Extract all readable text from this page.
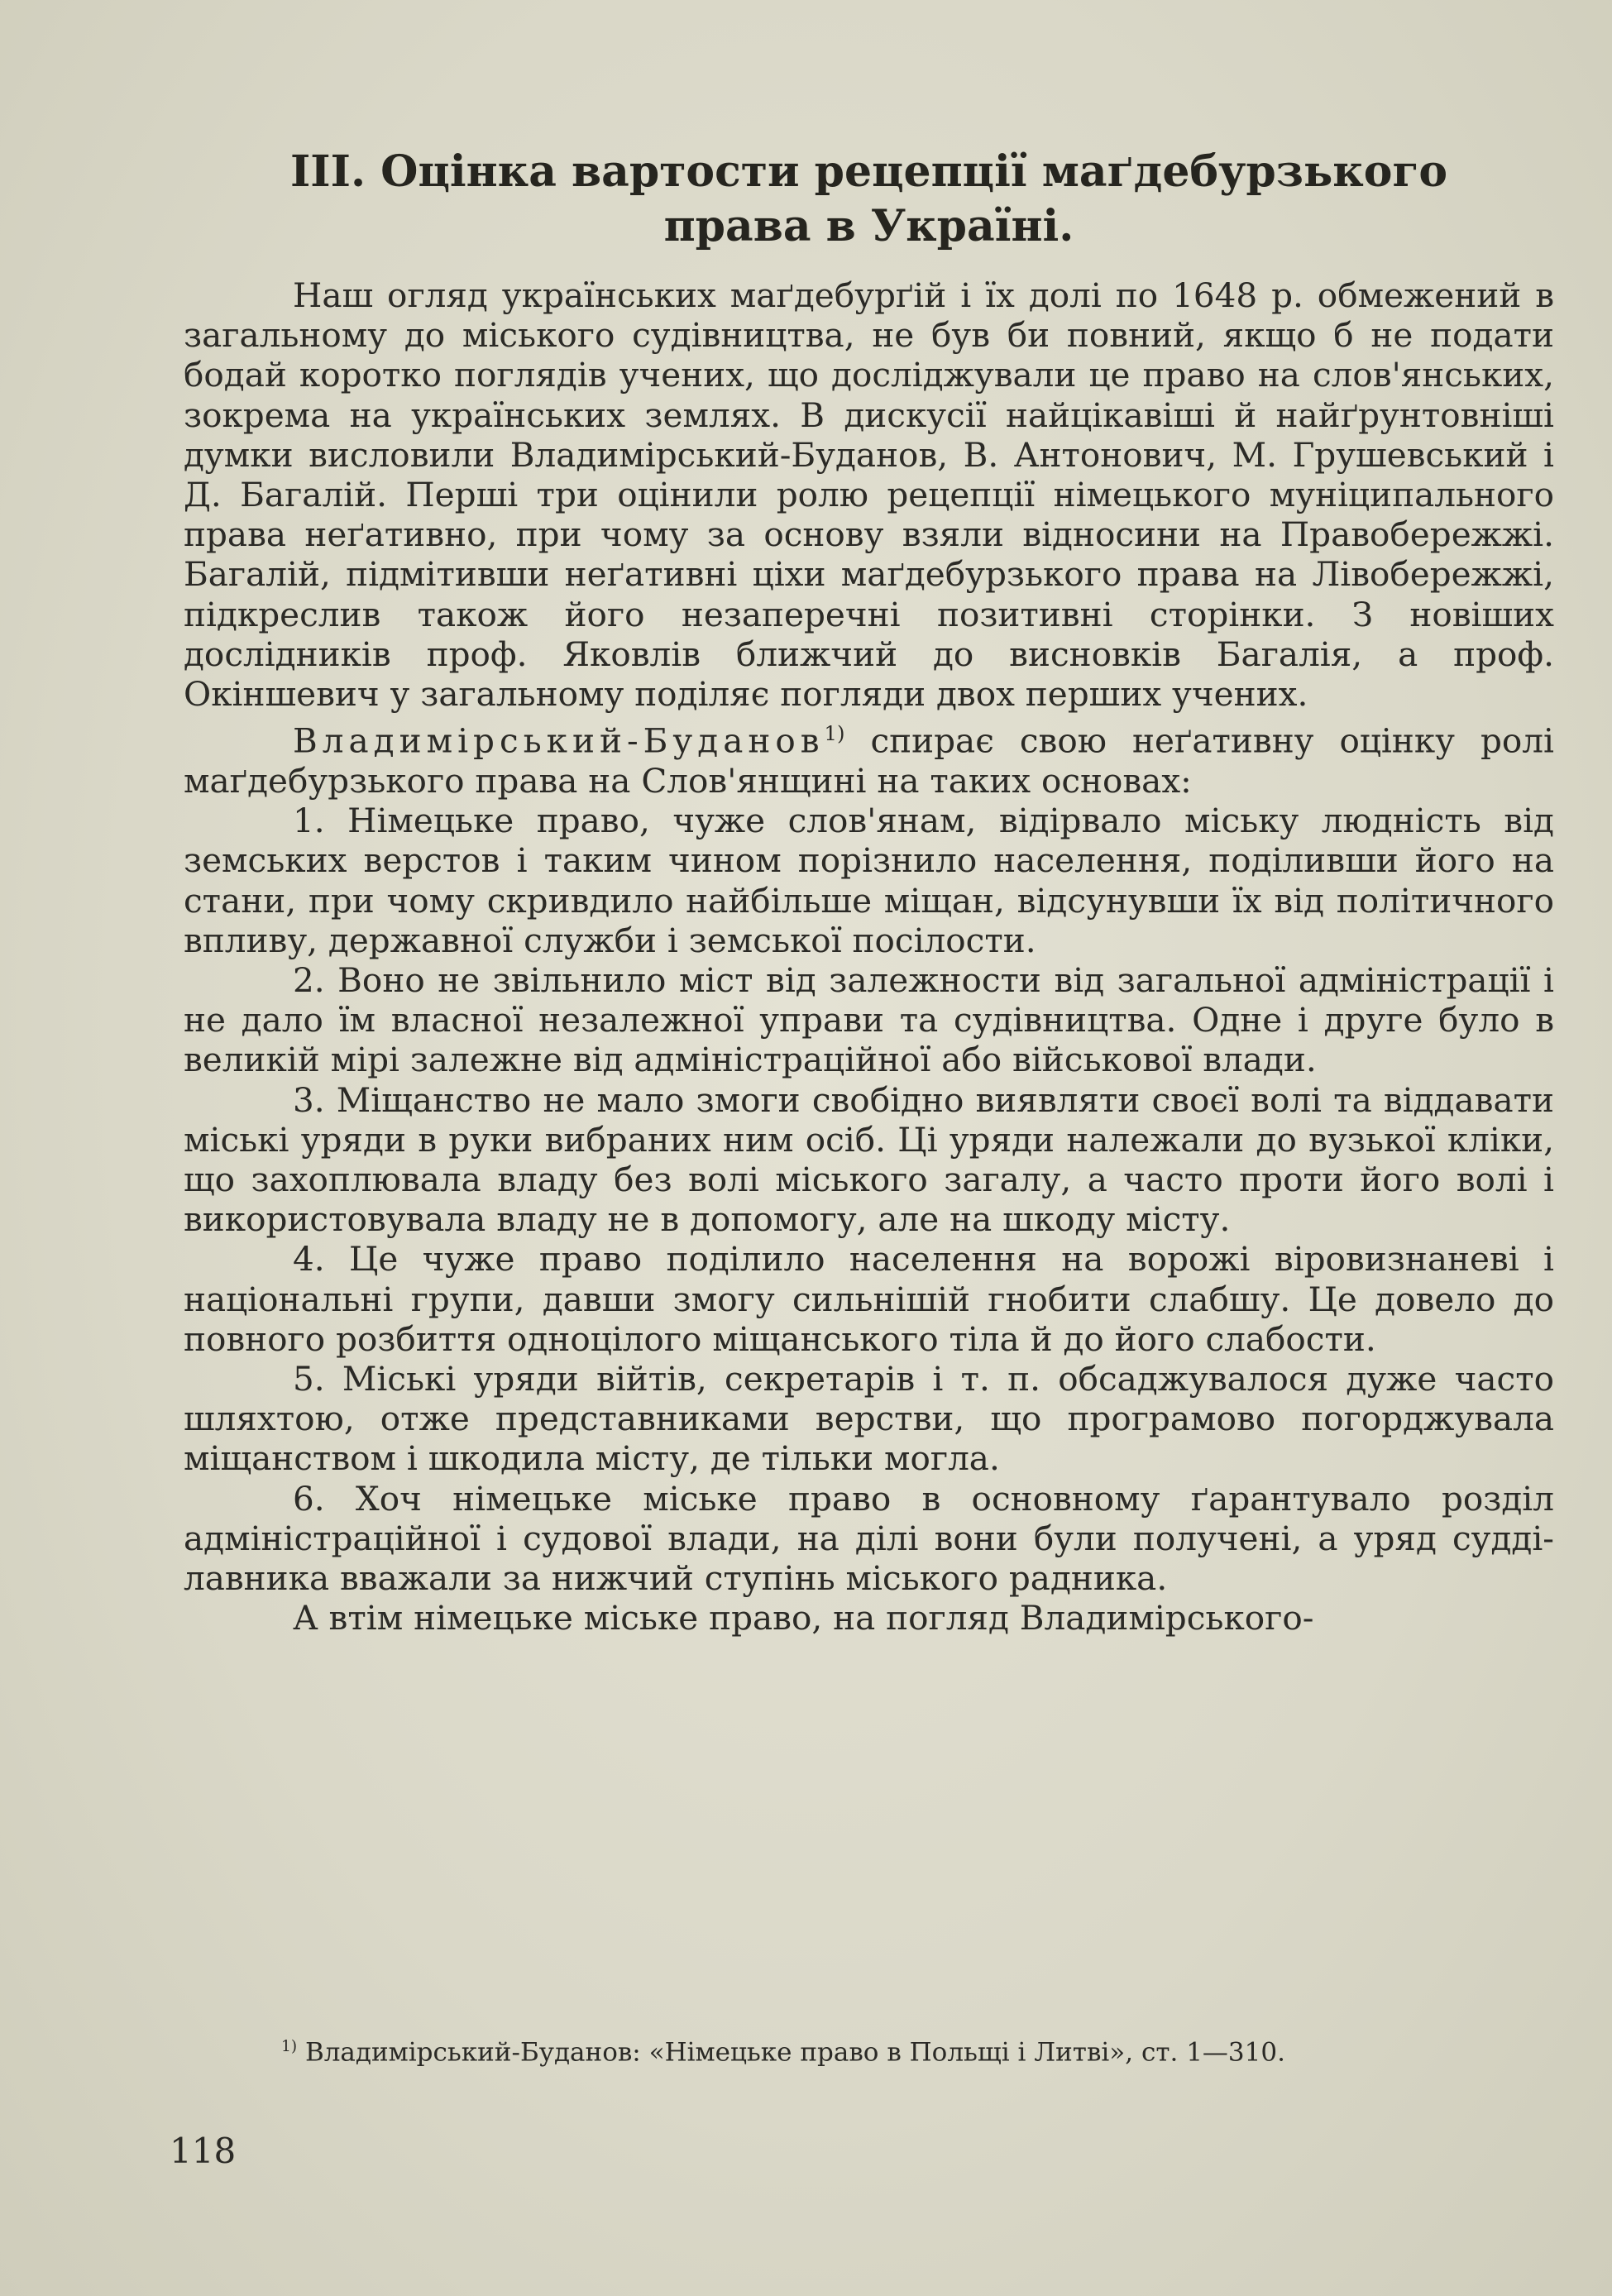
III. Оцінка вартости рецепції маґдебурзького
права в Україні.

Наш огляд українських маґдебурґій і їх долі по 1648 р. обмежений в загальному до міського судівництва, не був би повний, якщо б не подати бодай коротко поглядів учених, що досліджували це право на слов'янських, зокрема на українських землях. В дискусії найцікавіші й найґрунтовніші думки висловили Владимірський-Буданов, В. Антонович, М. Грушевський і Д. Багалій. Перші три оцінили ролю рецепції німецького муніципального права неґативно, при чому за основу взяли відносини на Правобережжі. Багалій, підмітивши неґативні ціхи маґдебурзького права на Лівобережжі, підкреслив також його незаперечні позитивні сторінки. З новіших дослідників проф. Яковлів ближчий до висновків Багалія, а проф. Окіншевич у загальному поділяє погляди двох перших учених.

Владимірський-Буданов$^{1)}$ спирає свою неґативну оцінку ролі маґдебурзького права на Слов'янщині на таких основах:

1. Німецьке право, чуже слов'янам, відірвало міську людність від земських верстов і таким чином порізнило населення, поділивши його на стани, при чому скривдило найбільше міщан, відсунувши їх від політичного впливу, державної служби і земської посілости.

2. Воно не звільнило міст від залежности від загальної адміністрації і не дало їм власної незалежної управи та судівництва. Одне і друге було в великій мірі залежне від адміністраційної або військової влади.

3. Міщанство не мало змоги свобідно виявляти своєї волі та віддавати міські уряди в руки вибраних ним осіб. Ці уряди належали до вузької кліки, що захоплювала владу без волі міського загалу, а часто проти його волі і використовувала владу не в допомогу, але на шкоду місту.

4. Це чуже право поділило населення на ворожі віровизнаневі і національні групи, давши змогу сильнішій гнобити слабшу. Це довело до повного розбиття одноцілого міщанського тіла й до його слабости.

5. Міські уряди війтів, секретарів і т. п. обсаджувалося дуже часто шляхтою, отже представниками верстви, що програмово погорджувала міщанством і шкодила місту, де тільки могла.

6. Хоч німецьке міське право в основному ґарантувало розділ адміністраційної і судової влади, на ділі вони були получені, а уряд судді-лавника вважали за нижчий ступінь міського радника.

А втім німецьке міське право, на погляд Владимірського-

$^{1)}$ Владимірський-Буданов: «Німецьке право в Польщі і Литві», ст. 1—310.
118
